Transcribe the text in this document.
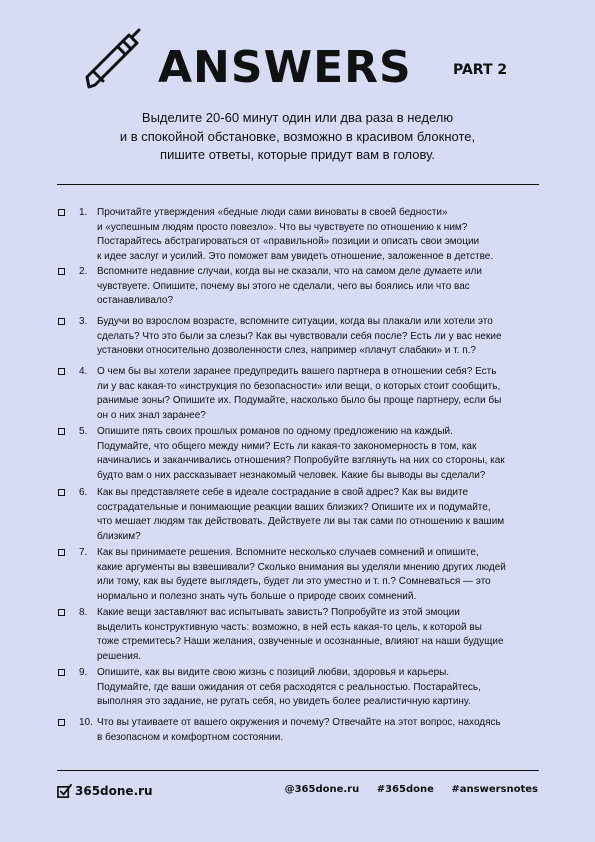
ANSWERS	PART 2
Выделите 20-60 минут один или два раза в неделю
и в спокойной обстановке, возможно в красивом блокноте,
пишите ответы, которые придут вам в голову.
1. Прочитайте утверждения «бедные люди сами виноваты в своей бедности»
и «успешным людям просто повезло». Что вы чувствуете по отношению к ним?
Постарайтесь абстрагироваться от «правильной» позиции и описать свои эмоции
к идее заслуг и усилий. Это поможет вам увидеть отношение, заложенное в детстве.
2. Вспомните недавние случаи, когда вы не сказали, что на самом деле думаете или
чувствуете. Опишите, почему вы этого не сделали, чего вы боялись или что вас
останавливало?
3. Будучи во взрослом возрасте, вспомните ситуации, когда вы плакали или хотели это
сделать? Что это были за слезы? Как вы чувствовали себя после? Есть ли у вас некие
установки относительно дозволенности слез, например «плачут слабаки» и т. п.?
4. О чем бы вы хотели заранее предупредить вашего партнера в отношении себя? Есть
ли у вас какая-то «инструкция по безопасности» или вещи, о которых стоит сообщить,
ранимые зоны? Опишите их. Подумайте, насколько было бы проще партнеру, если бы
он о них знал заранее?
5. Опишите пять своих прошлых романов по одному предложению на каждый.
Подумайте, что общего между ними? Есть ли какая-то закономерность в том, как
начинались и заканчивались отношения? Попробуйте взглянуть на них со стороны, как
будто вам о них рассказывает незнакомый человек. Какие бы выводы вы сделали?
6. Как вы представляете себе в идеале сострадание в свой адрес? Как вы видите
сострадательные и понимающие реакции ваших близких? Опишите их и подумайте,
что мешает людям так действовать. Действуете ли вы так сами по отношению к вашим
близким?
7. Как вы принимаете решения. Вспомните несколько случаев сомнений и опишите,
какие аргументы вы взвешивали? Сколько внимания вы уделяли мнению других людей
или тому, как вы будете выглядеть, будет ли это уместно и т. п.? Сомневаться — это
нормально и полезно знать чуть больше о природе своих сомнений.
8. Какие вещи заставляют вас испытывать зависть? Попробуйте из этой эмоции
выделить конструктивную часть: возможно, в ней есть какая-то цель, к которой вы
тоже стремитесь? Наши желания, озвученные и осознанные, влияют на наши будущие
решения.
9. Опишите, как вы видите свою жизнь с позиций любви, здоровья и карьеры.
Подумайте, где ваши ожидания от себя расходятся с реальностью. Постарайтесь,
выполняя это задание, не ругать себя, но увидеть более реалистичную картину.
10. Что вы утаиваете от вашего окружения и почему? Отвечайте на этот вопрос, находясь
в безопасном и комфортном состоянии.
365done.ru	@365done.ru #365done #answersnotes
